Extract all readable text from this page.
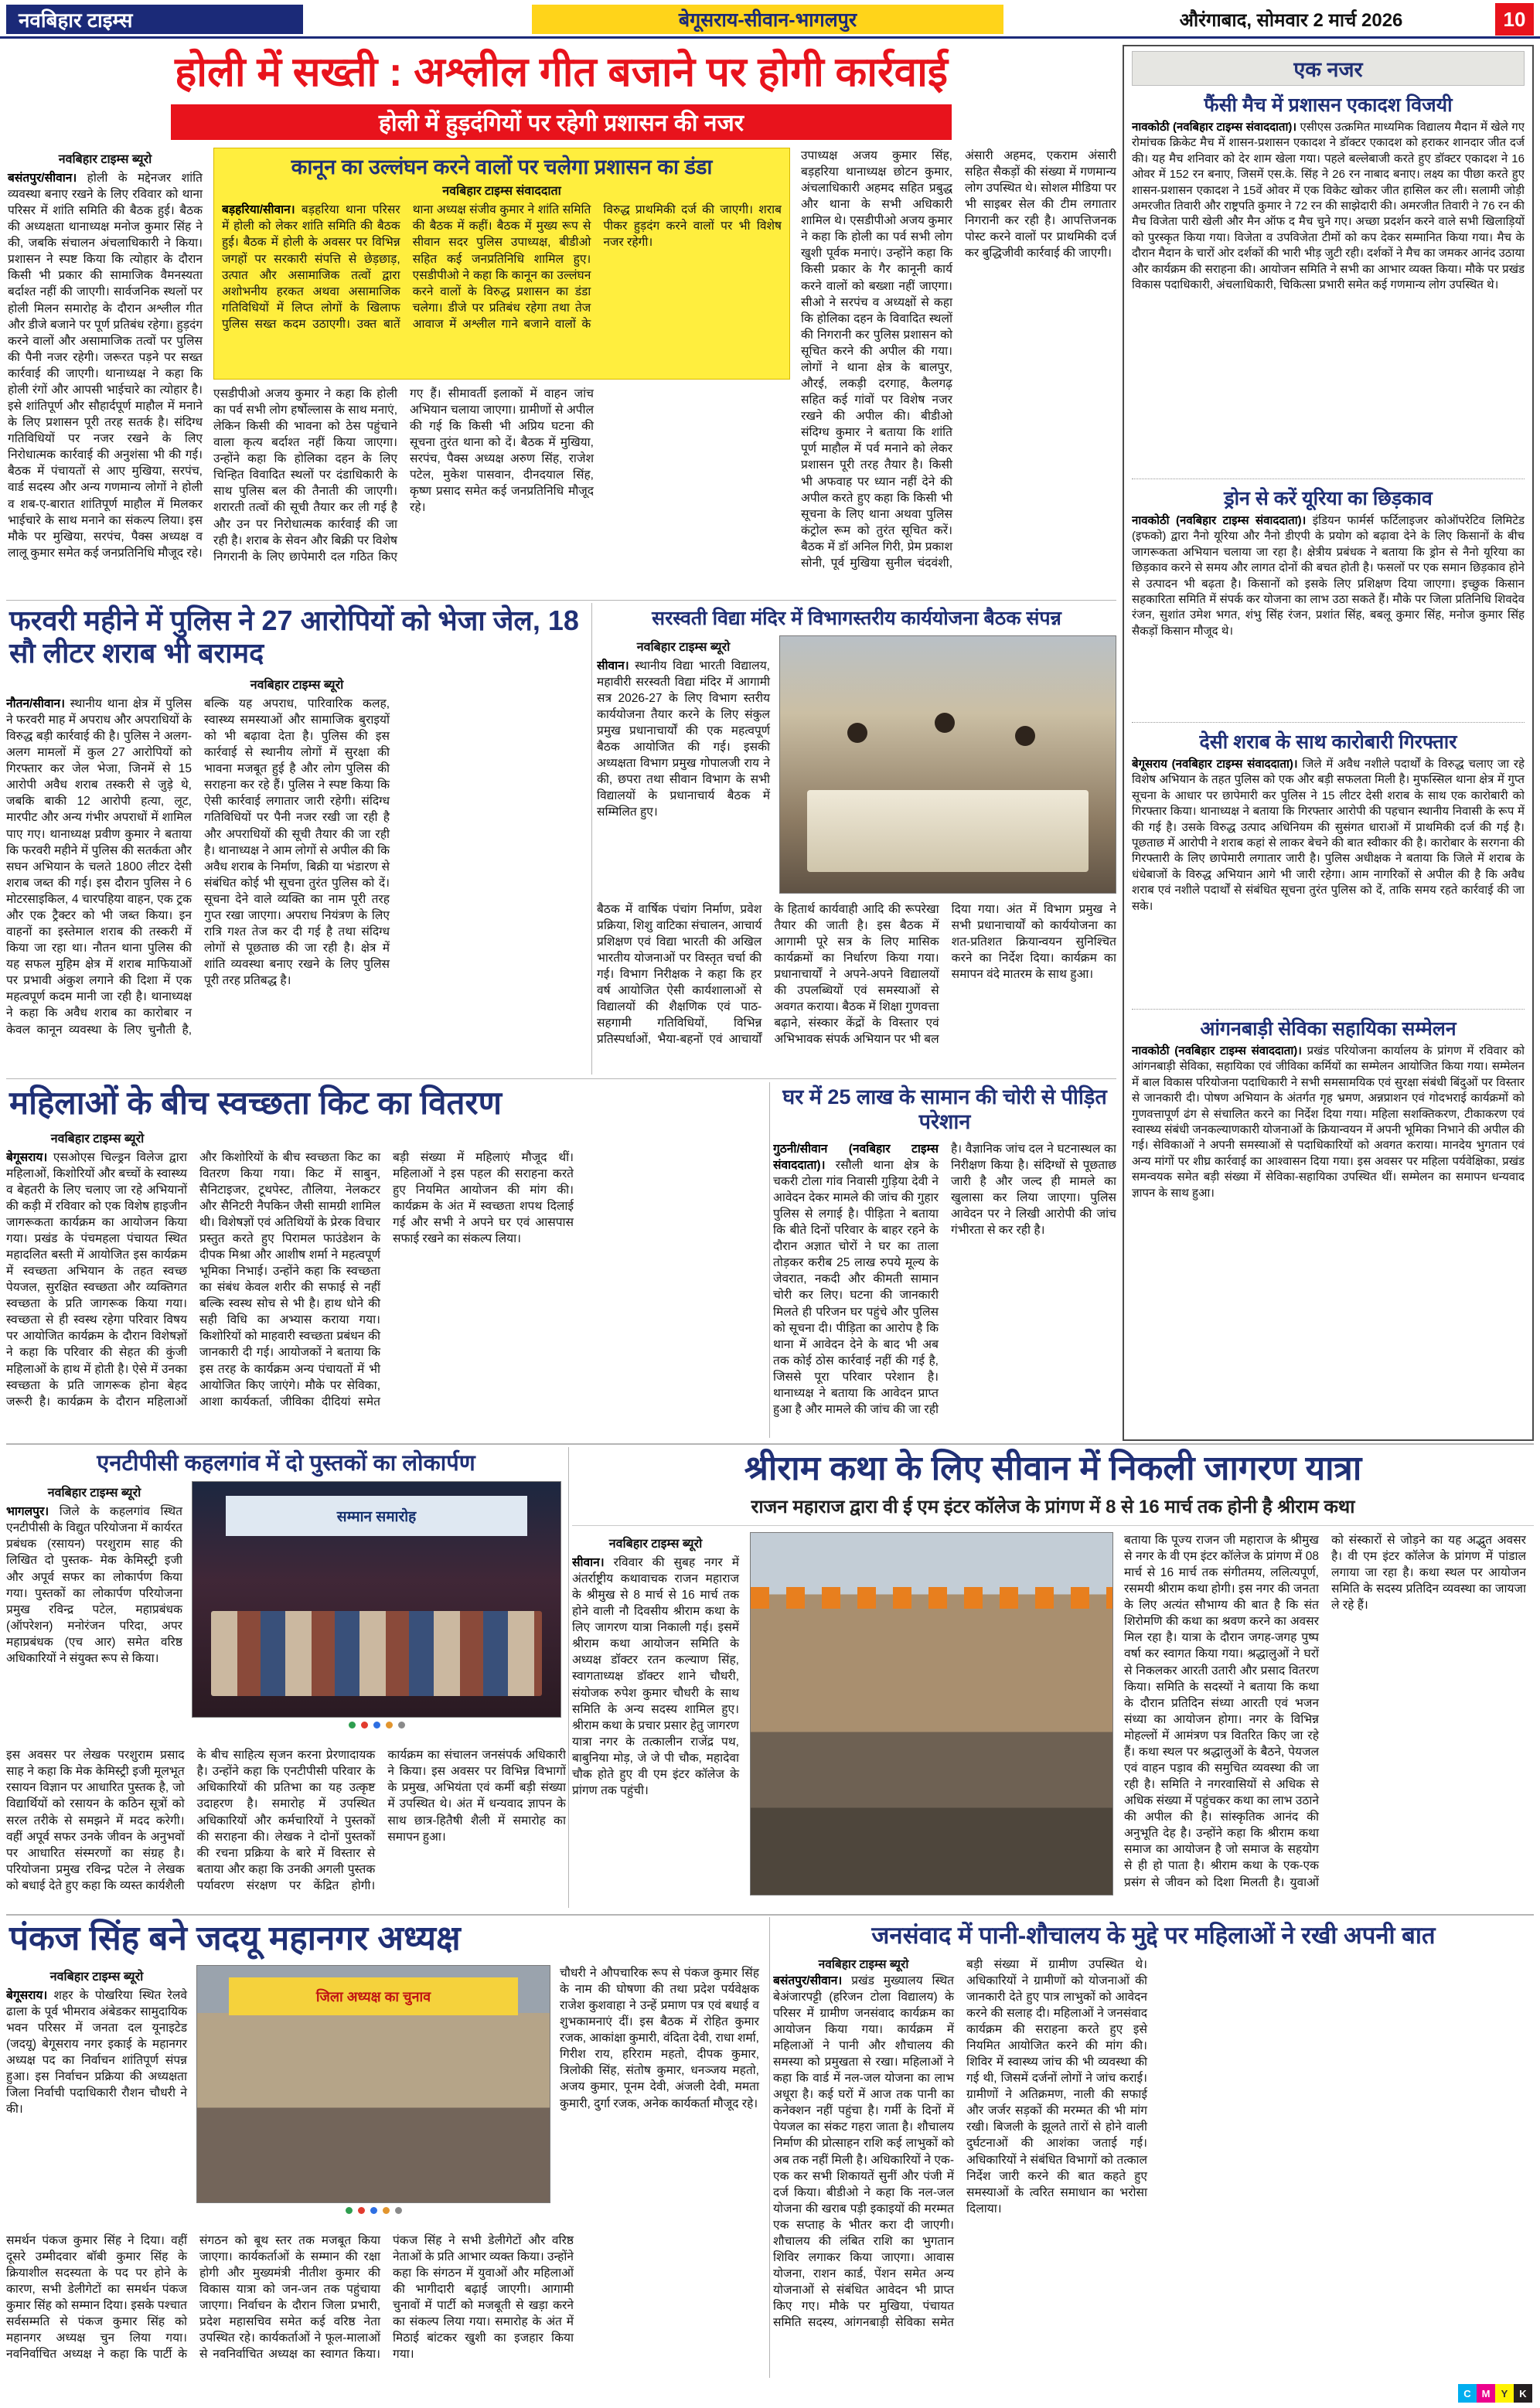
नवबिहार टाइम्स	बेगूसराय-सीवान-भागलपुर	औरंगाबाद, सोमवार 2 मार्च 2026	10
होली में सख्ती : अश्लील गीत बजाने पर होगी कार्रवाई
होली में हुड़दंगियों पर रहेगी प्रशासन की नजर
नवबिहार टाइम्स ब्यूरो

बसंतपुर/सीवान। होली के मद्देनजर शांति व्यवस्था बनाए रखने के लिए रविवार को थाना परिसर में शांति समिति की बैठक हुई। बैठक की अध्यक्षता थानाध्यक्ष मनोज कुमार सिंह ने की, जबकि संचालन अंचलाधिकारी ने किया। प्रशासन ने स्पष्ट किया कि त्योहार के दौरान किसी भी प्रकार की सामाजिक वैमनस्यता बर्दाश्त नहीं की जाएगी। सार्वजनिक स्थलों पर होली मिलन समारोह के दौरान अश्लील गीत और डीजे बजाने पर पूर्ण प्रतिबंध रहेगा। हुड़दंग करने वालों और असामाजिक तत्वों पर पुलिस की पैनी नजर रहेगी। जरूरत पड़ने पर सख्त कार्रवाई की जाएगी। थानाध्यक्ष ने कहा कि होली रंगों और आपसी भाईचारे का त्योहार है। इसे शांतिपूर्ण और सौहार्दपूर्ण माहौल में मनाने के लिए प्रशासन पूरी तरह सतर्क है। संदिग्ध गतिविधियों पर नजर रखने के लिए निरोधात्मक कार्रवाई की अनुशंसा भी की गई। बैठक में पंचायतों से आए मुखिया, सरपंच, वार्ड सदस्य और अन्य गणमान्य लोगों ने होली व शब-ए-बारात शांतिपूर्ण माहौल में मिलकर भाईचारे के साथ मनाने का संकल्प लिया। इस मौके पर मुखिया, सरपंच, पैक्स अध्यक्ष व लालू कुमार समेत कई जनप्रतिनिधि मौजूद रहे।

कानून का उल्लंघन करने वालों पर चलेगा प्रशासन का डंडा
नवबिहार टाइम्स संवाददाता

बड़हरिया/सीवान। बड़हरिया थाना परिसर में होली को लेकर शांति समिति की बैठक हुई। बैठक में होली के अवसर पर विभिन्न जगहों पर सरकारी संपत्ति से छेड़छाड़, उत्पात और असामाजिक तत्वों द्वारा अशोभनीय हरकत अथवा असामाजिक गतिविधियों में लिप्त लोगों के खिलाफ पुलिस सख्त कदम उठाएगी। उक्त बातें थाना अध्यक्ष संजीव कुमार ने शांति समिति की बैठक में कहीं। बैठक में मुख्य रूप से सीवान सदर पुलिस उपाध्यक्ष, बीडीओ सहित कई जनप्रतिनिधि शामिल हुए। एसडीपीओ ने कहा कि कानून का उल्लंघन करने वालों के विरुद्ध प्रशासन का डंडा चलेगा। डीजे पर प्रतिबंध रहेगा तथा तेज आवाज में अश्लील गाने बजाने वालों के विरुद्ध प्राथमिकी दर्ज की जाएगी। शराब पीकर हुड़दंग करने वालों पर भी विशेष नजर रहेगी।

एसडीपीओ अजय कुमार ने कहा कि होली का पर्व सभी लोग हर्षोल्लास के साथ मनाएं, लेकिन किसी की भावना को ठेस पहुंचाने वाला कृत्य बर्दाश्त नहीं किया जाएगा। उन्होंने कहा कि होलिका दहन के लिए चिन्हित विवादित स्थलों पर दंडाधिकारी के साथ पुलिस बल की तैनाती की जाएगी। शरारती तत्वों की सूची तैयार कर ली गई है और उन पर निरोधात्मक कार्रवाई की जा रही है। शराब के सेवन और बिक्री पर विशेष निगरानी के लिए छापेमारी दल गठित किए गए हैं। सीमावर्ती इलाकों में वाहन जांच अभियान चलाया जाएगा। ग्रामीणों से अपील की गई कि किसी भी अप्रिय घटना की सूचना तुरंत थाना को दें। बैठक में मुखिया, सरपंच, पैक्स अध्यक्ष अरुण सिंह, राजेश पटेल, मुकेश पासवान, दीनदयाल सिंह, कृष्ण प्रसाद समेत कई जनप्रतिनिधि मौजूद रहे।

उपाध्यक्ष अजय कुमार सिंह, बड़हरिया थानाध्यक्ष छोटन कुमार, अंचलाधिकारी अहमद सहित प्रबुद्ध और थाना के सभी अधिकारी शामिल थे। एसडीपीओ अजय कुमार ने कहा कि होली का पर्व सभी लोग खुशी पूर्वक मनाएं। उन्होंने कहा कि किसी प्रकार के गैर कानूनी कार्य करने वालों को बख्शा नहीं जाएगा। सीओ ने सरपंच व अध्यक्षों से कहा कि होलिका दहन के विवादित स्थलों की निगरानी कर पुलिस प्रशासन को सूचित करने की अपील की गया। लोगों ने थाना क्षेत्र के बालपुर, औरई, लकड़ी दरगाह, कैलगढ़ सहित कई गांवों पर विशेष नजर रखने की अपील की। बीडीओ संदिग्ध कुमार ने बताया कि शांति पूर्ण माहौल में पर्व मनाने को लेकर प्रशासन पूरी तरह तैयार है। किसी भी अफवाह पर ध्यान नहीं देने की अपील करते हुए कहा कि किसी भी सूचना के लिए थाना अथवा पुलिस कंट्रोल रूम को तुरंत सूचित करें। बैठक में डॉ अनिल गिरी, प्रेम प्रकाश सोनी, पूर्व मुखिया सुनील चंदवंशी, अंसारी अहमद, एकराम अंसारी सहित सैकड़ों की संख्या में गणमान्य लोग उपस्थित थे। सोशल मीडिया पर भी साइबर सेल की टीम लगातार निगरानी कर रही है। आपत्तिजनक पोस्ट करने वालों पर प्राथमिकी दर्ज कर बुद्धिजीवी कार्रवाई की जाएगी।

एक नजर
फैंसी मैच में प्रशासन एकादश विजयी

नावकोठी (नवबिहार टाइम्स संवाददाता)। एसीएस उत्क्रमित माध्यमिक विद्यालय मैदान में खेले गए रोमांचक क्रिकेट मैच में शासन-प्रशासन एकादश ने डॉक्टर एकादश को हराकर शानदार जीत दर्ज की। यह मैच शनिवार को देर शाम खेला गया। पहले बल्लेबाजी करते हुए डॉक्टर एकादश ने 16 ओवर में 152 रन बनाए, जिसमें एस.के. सिंह ने 26 रन नाबाद बनाए। लक्ष्य का पीछा करते हुए शासन-प्रशासन एकादश ने 15वें ओवर में एक विकेट खोकर जीत हासिल कर ली। सलामी जोड़ी अमरजीत तिवारी और राष्ट्रपति कुमार ने 72 रन की साझेदारी की। अमरजीत तिवारी ने 76 रन की मैच विजेता पारी खेली और मैन ऑफ द मैच चुने गए। अच्छा प्रदर्शन करने वाले सभी खिलाड़ियों को पुरस्कृत किया गया। विजेता व उपविजेता टीमों को कप देकर सम्मानित किया गया। मैच के दौरान मैदान के चारों ओर दर्शकों की भारी भीड़ जुटी रही। दर्शकों ने मैच का जमकर आनंद उठाया और कार्यक्रम की सराहना की। आयोजन समिति ने सभी का आभार व्यक्त किया। मौके पर प्रखंड विकास पदाधिकारी, अंचलाधिकारी, चिकित्सा प्रभारी समेत कई गणमान्य लोग उपस्थित थे।

ड्रोन से करें यूरिया का छिड़काव

नावकोठी (नवबिहार टाइम्स संवाददाता)। इंडियन फार्मर्स फर्टिलाइजर कोऑपरेटिव लिमिटेड (इफको) द्वारा नैनो यूरिया और नैनो डीएपी के प्रयोग को बढ़ावा देने के लिए किसानों के बीच जागरूकता अभियान चलाया जा रहा है। क्षेत्रीय प्रबंधक ने बताया कि ड्रोन से नैनो यूरिया का छिड़काव करने से समय और लागत दोनों की बचत होती है। फसलों पर एक समान छिड़काव होने से उत्पादन भी बढ़ता है। किसानों को इसके लिए प्रशिक्षण दिया जाएगा। इच्छुक किसान सहकारिता समिति में संपर्क कर योजना का लाभ उठा सकते हैं। मौके पर जिला प्रतिनिधि शिवदेव रंजन, सुशांत उमेश भगत, शंभु सिंह रंजन, प्रशांत सिंह, बबलू कुमार सिंह, मनोज कुमार सिंह सैकड़ों किसान मौजूद थे।

देसी शराब के साथ कारोबारी गिरफ्तार

बेगूसराय (नवबिहार टाइम्स संवाददाता)। जिले में अवैध नशीले पदार्थों के विरुद्ध चलाए जा रहे विशेष अभियान के तहत पुलिस को एक और बड़ी सफलता मिली है। मुफस्सिल थाना क्षेत्र में गुप्त सूचना के आधार पर छापेमारी कर पुलिस ने 15 लीटर देसी शराब के साथ एक कारोबारी को गिरफ्तार किया। थानाध्यक्ष ने बताया कि गिरफ्तार आरोपी की पहचान स्थानीय निवासी के रूप में की गई है। उसके विरुद्ध उत्पाद अधिनियम की सुसंगत धाराओं में प्राथमिकी दर्ज की गई है। पूछताछ में आरोपी ने शराब कहां से लाकर बेचने की बात स्वीकार की है। कारोबार के सरगना की गिरफ्तारी के लिए छापेमारी लगातार जारी है। पुलिस अधीक्षक ने बताया कि जिले में शराब के धंधेबाजों के विरुद्ध अभियान आगे भी जारी रहेगा। आम नागरिकों से अपील की है कि अवैध शराब एवं नशीले पदार्थों से संबंधित सूचना तुरंत पुलिस को दें, ताकि समय रहते कार्रवाई की जा सके।

आंगनबाड़ी सेविका सहायिका सम्मेलन

नावकोठी (नवबिहार टाइम्स संवाददाता)। प्रखंड परियोजना कार्यालय के प्रांगण में रविवार को आंगनबाड़ी सेविका, सहायिका एवं जीविका कर्मियों का सम्मेलन आयोजित किया गया। सम्मेलन में बाल विकास परियोजना पदाधिकारी ने सभी समसामयिक एवं सुरक्षा संबंधी बिंदुओं पर विस्तार से जानकारी दी। पोषण अभियान के अंतर्गत गृह भ्रमण, अन्नप्राशन एवं गोदभराई कार्यक्रमों को गुणवत्तापूर्ण ढंग से संचालित करने का निर्देश दिया गया। महिला सशक्तिकरण, टीकाकरण एवं स्वास्थ्य संबंधी जनकल्याणकारी योजनाओं के क्रियान्वयन में अपनी भूमिका निभाने की अपील की गई। सेविकाओं ने अपनी समस्याओं से पदाधिकारियों को अवगत कराया। मानदेय भुगतान एवं अन्य मांगों पर शीघ्र कार्रवाई का आश्वासन दिया गया। इस अवसर पर महिला पर्यवेक्षिका, प्रखंड समन्वयक समेत बड़ी संख्या में सेविका-सहायिका उपस्थित थीं। सम्मेलन का समापन धन्यवाद ज्ञापन के साथ हुआ।

फरवरी महीने में पुलिस ने 27 आरोपियों को भेजा जेल, 18 सौ लीटर शराब भी बरामद
नवबिहार टाइम्स ब्यूरो

नौतन/सीवान। स्थानीय थाना क्षेत्र में पुलिस ने फरवरी माह में अपराध और अपराधियों के विरुद्ध बड़ी कार्रवाई की है। पुलिस ने अलग-अलग मामलों में कुल 27 आरोपियों को गिरफ्तार कर जेल भेजा, जिनमें से 15 आरोपी अवैध शराब तस्करी से जुड़े थे, जबकि बाकी 12 आरोपी हत्या, लूट, मारपीट और अन्य गंभीर अपराधों में शामिल पाए गए। थानाध्यक्ष प्रवीण कुमार ने बताया कि फरवरी महीने में पुलिस की सतर्कता और सघन अभियान के चलते 1800 लीटर देसी शराब जब्त की गई। इस दौरान पुलिस ने 6 मोटरसाइकिल, 4 चारपहिया वाहन, एक ट्रक और एक ट्रैक्टर को भी जब्त किया। इन वाहनों का इस्तेमाल शराब की तस्करी में किया जा रहा था। नौतन थाना पुलिस की यह सफल मुहिम क्षेत्र में शराब माफियाओं पर प्रभावी अंकुश लगाने की दिशा में एक महत्वपूर्ण कदम मानी जा रही है। थानाध्यक्ष ने कहा कि अवैध शराब का कारोबार न केवल कानून व्यवस्था के लिए चुनौती है, बल्कि यह अपराध, पारिवारिक कलह, स्वास्थ्य समस्याओं और सामाजिक बुराइयों को भी बढ़ावा देता है। पुलिस की इस कार्रवाई से स्थानीय लोगों में सुरक्षा की भावना मजबूत हुई है और लोग पुलिस की सराहना कर रहे हैं। पुलिस ने स्पष्ट किया कि ऐसी कार्रवाई लगातार जारी रहेगी। संदिग्ध गतिविधियों पर पैनी नजर रखी जा रही है और अपराधियों की सूची तैयार की जा रही है। थानाध्यक्ष ने आम लोगों से अपील की कि अवैध शराब के निर्माण, बिक्री या भंडारण से संबंधित कोई भी सूचना तुरंत पुलिस को दें। सूचना देने वाले व्यक्ति का नाम पूरी तरह गुप्त रखा जाएगा। अपराध नियंत्रण के लिए रात्रि गश्त तेज कर दी गई है तथा संदिग्ध लोगों से पूछताछ की जा रही है। क्षेत्र में शांति व्यवस्था बनाए रखने के लिए पुलिस पूरी तरह प्रतिबद्ध है।

सरस्वती विद्या मंदिर में विभागस्तरीय कार्ययोजना बैठक संपन्न
नवबिहार टाइम्स ब्यूरो

सीवान। स्थानीय विद्या भारती विद्यालय, महावीरी सरस्वती विद्या मंदिर में आगामी सत्र 2026-27 के लिए विभाग स्तरीय कार्ययोजना तैयार करने के लिए संकुल प्रमुख प्रधानाचार्यों की एक महत्वपूर्ण बैठक आयोजित की गई। इसकी अध्यक्षता विभाग प्रमुख गोपालजी राय ने की, छपरा तथा सीवान विभाग के सभी विद्यालयों के प्रधानाचार्य बैठक में सम्मिलित हुए।

बैठक में वार्षिक पंचांग निर्माण, प्रवेश प्रक्रिया, शिशु वाटिका संचालन, आचार्य प्रशिक्षण एवं विद्या भारती की अखिल भारतीय योजनाओं पर विस्तृत चर्चा की गई। विभाग निरीक्षक ने कहा कि हर वर्ष आयोजित ऐसी कार्यशालाओं से विद्यालयों की शैक्षणिक एवं पाठ-सहगामी गतिविधियों, विभिन्न प्रतिस्पर्धाओं, भैया-बहनों एवं आचार्यों के हितार्थ कार्यवाही आदि की रूपरेखा तैयार की जाती है। इस बैठक में आगामी पूरे सत्र के लिए मासिक कार्यक्रमों का निर्धारण किया गया। प्रधानाचार्यों ने अपने-अपने विद्यालयों की उपलब्धियों एवं समस्याओं से अवगत कराया। बैठक में शिक्षा गुणवत्ता बढ़ाने, संस्कार केंद्रों के विस्तार एवं अभिभावक संपर्क अभियान पर भी बल दिया गया। अंत में विभाग प्रमुख ने सभी प्रधानाचार्यों को कार्ययोजना का शत-प्रतिशत क्रियान्वयन सुनिश्चित करने का निर्देश दिया। कार्यक्रम का समापन वंदे मातरम के साथ हुआ।

महिलाओं के बीच स्वच्छता किट का वितरण
नवबिहार टाइम्स ब्यूरो

बेगूसराय। एसओएस चिल्ड्रन विलेज द्वारा महिलाओं, किशोरियों और बच्चों के स्वास्थ्य व बेहतरी के लिए चलाए जा रहे अभियानों की कड़ी में रविवार को एक विशेष हाइजीन जागरूकता कार्यक्रम का आयोजन किया गया। प्रखंड के पंचमहला पंचायत स्थित महादलित बस्ती में आयोजित इस कार्यक्रम में स्वच्छता अभियान के तहत स्वच्छ पेयजल, सुरक्षित स्वच्छता और व्यक्तिगत स्वच्छता के प्रति जागरूक किया गया। स्वच्छता से ही स्वस्थ रहेगा परिवार विषय पर आयोजित कार्यक्रम के दौरान विशेषज्ञों ने कहा कि परिवार की सेहत की कुंजी महिलाओं के हाथ में होती है। ऐसे में उनका स्वच्छता के प्रति जागरूक होना बेहद जरूरी है। कार्यक्रम के दौरान महिलाओं और किशोरियों के बीच स्वच्छता किट का वितरण किया गया। किट में साबुन, सैनिटाइजर, टूथपेस्ट, तौलिया, नेलकटर और सैनिटरी नैपकिन जैसी सामग्री शामिल थी। विशेषज्ञों एवं अतिथियों के प्रेरक विचार प्रस्तुत करते हुए पिरामल फाउंडेशन के दीपक मिश्रा और आशीष शर्मा ने महत्वपूर्ण भूमिका निभाई। उन्होंने कहा कि स्वच्छता का संबंध केवल शरीर की सफाई से नहीं बल्कि स्वस्थ सोच से भी है। हाथ धोने की सही विधि का अभ्यास कराया गया। किशोरियों को माहवारी स्वच्छता प्रबंधन की जानकारी दी गई। आयोजकों ने बताया कि इस तरह के कार्यक्रम अन्य पंचायतों में भी आयोजित किए जाएंगे। मौके पर सेविका, आशा कार्यकर्ता, जीविका दीदियां समेत बड़ी संख्या में महिलाएं मौजूद थीं। महिलाओं ने इस पहल की सराहना करते हुए नियमित आयोजन की मांग की। कार्यक्रम के अंत में स्वच्छता शपथ दिलाई गई और सभी ने अपने घर एवं आसपास सफाई रखने का संकल्प लिया।

घर में 25 लाख के सामान की चोरी से पीड़ित परेशान

गुठनी/सीवान (नवबिहार टाइम्स संवाददाता)। रसौली थाना क्षेत्र के चकरी टोला गांव निवासी गुड़िया देवी ने आवेदन देकर मामले की जांच की गुहार पुलिस से लगाई है। पीड़िता ने बताया कि बीते दिनों परिवार के बाहर रहने के दौरान अज्ञात चोरों ने घर का ताला तोड़कर करीब 25 लाख रुपये मूल्य के जेवरात, नकदी और कीमती सामान चोरी कर लिए। घटना की जानकारी मिलते ही परिजन घर पहुंचे और पुलिस को सूचना दी। पीड़िता का आरोप है कि थाना में आवेदन देने के बाद भी अब तक कोई ठोस कार्रवाई नहीं की गई है, जिससे पूरा परिवार परेशान है। थानाध्यक्ष ने बताया कि आवेदन प्राप्त हुआ है और मामले की जांच की जा रही है। वैज्ञानिक जांच दल ने घटनास्थल का निरीक्षण किया है। संदिग्धों से पूछताछ जारी है और जल्द ही मामले का खुलासा कर लिया जाएगा। पुलिस आवेदन पर ने लिखी आरोपी की जांच गंभीरता से कर रही है।

एनटीपीसी कहलगांव में दो पुस्तकों का लोकार्पण
नवबिहार टाइम्स ब्यूरो

भागलपुर। जिले के कहलगांव स्थित एनटीपीसी के विद्युत परियोजना में कार्यरत प्रबंधक (रसायन) परशुराम साह की लिखित दो पुस्तक- मेक केमिस्ट्री इजी और अपूर्व सफर का लोकार्पण किया गया। पुस्तकों का लोकार्पण परियोजना प्रमुख रविन्द्र पटेल, महाप्रबंधक (ऑपरेशन) मनोरंजन परिदा, अपर महाप्रबंधक (एच आर) समेत वरिष्ठ अधिकारियों ने संयुक्त रूप से किया।

सम्मान समारोह

इस अवसर पर लेखक परशुराम प्रसाद साह ने कहा कि मेक केमिस्ट्री इजी मूलभूत रसायन विज्ञान पर आधारित पुस्तक है, जो विद्यार्थियों को रसायन के कठिन सूत्रों को सरल तरीके से समझने में मदद करेगी। वहीं अपूर्व सफर उनके जीवन के अनुभवों पर आधारित संस्मरणों का संग्रह है। परियोजना प्रमुख रविन्द्र पटेल ने लेखक को बधाई देते हुए कहा कि व्यस्त कार्यशैली के बीच साहित्य सृजन करना प्रेरणादायक है। उन्होंने कहा कि एनटीपीसी परिवार के अधिकारियों की प्रतिभा का यह उत्कृष्ट उदाहरण है। समारोह में उपस्थित अधिकारियों और कर्मचारियों ने पुस्तकों की सराहना की। लेखक ने दोनों पुस्तकों की रचना प्रक्रिया के बारे में विस्तार से बताया और कहा कि उनकी अगली पुस्तक पर्यावरण संरक्षण पर केंद्रित होगी। कार्यक्रम का संचालन जनसंपर्क अधिकारी ने किया। इस अवसर पर विभिन्न विभागों के प्रमुख, अभियंता एवं कर्मी बड़ी संख्या में उपस्थित थे। अंत में धन्यवाद ज्ञापन के साथ छात्र-हितैषी शैली में समारोह का समापन हुआ।

श्रीराम कथा के लिए सीवान में निकली जागरण यात्रा
राजन महाराज द्वारा वी ई एम इंटर कॉलेज के प्रांगण में 8 से 16 मार्च तक होनी है श्रीराम कथा
नवबिहार टाइम्स ब्यूरो

सीवान। रविवार की सुबह नगर में अंतर्राष्ट्रीय कथावाचक राजन महाराज के श्रीमुख से 8 मार्च से 16 मार्च तक होने वाली नौ दिवसीय श्रीराम कथा के लिए जागरण यात्रा निकाली गई। इसमें श्रीराम कथा आयोजन समिति के अध्यक्ष डॉक्टर रतन कल्याण सिंह, स्वागताध्यक्ष डॉक्टर शाने चौधरी, संयोजक रुपेश कुमार चौधरी के साथ समिति के अन्य सदस्य शामिल हुए। श्रीराम कथा के प्रचार प्रसार हेतु जागरण यात्रा नगर के तत्कालीन राजेंद्र पथ, बाबुनिया मोड़, जे जे पी चौक, महादेवा चौक होते हुए वी एम इंटर कॉलेज के प्रांगण तक पहुंची।

बताया कि पूज्य राजन जी महाराज के श्रीमुख से नगर के वी एम इंटर कॉलेज के प्रांगण में 08 मार्च से 16 मार्च तक संगीतमय, ललित्यपूर्ण, रसमयी श्रीराम कथा होगी। इस नगर की जनता के लिए अत्यंत सौभाग्य की बात है कि संत शिरोमणि की कथा का श्रवण करने का अवसर मिल रहा है। यात्रा के दौरान जगह-जगह पुष्प वर्षा कर स्वागत किया गया। श्रद्धालुओं ने घरों से निकलकर आरती उतारी और प्रसाद वितरण किया। समिति के सदस्यों ने बताया कि कथा के दौरान प्रतिदिन संध्या आरती एवं भजन संध्या का आयोजन होगा। नगर के विभिन्न मोहल्लों में आमंत्रण पत्र वितरित किए जा रहे हैं। कथा स्थल पर श्रद्धालुओं के बैठने, पेयजल एवं वाहन पड़ाव की समुचित व्यवस्था की जा रही है। समिति ने नगरवासियों से अधिक से अधिक संख्या में पहुंचकर कथा का लाभ उठाने की अपील की है। सांस्कृतिक आनंद की अनुभूति देह है। उन्होंने कहा कि श्रीराम कथा समाज का आयोजन है जो समाज के सहयोग से ही हो पाता है। श्रीराम कथा के एक-एक प्रसंग से जीवन को दिशा मिलती है। युवाओं को संस्कारों से जोड़ने का यह अद्भुत अवसर है। वी एम इंटर कॉलेज के प्रांगण में पांडाल लगाया जा रहा है। कथा स्थल पर आयोजन समिति के सदस्य प्रतिदिन व्यवस्था का जायजा ले रहे हैं।

पंकज सिंह बने जदयू महानगर अध्यक्ष
नवबिहार टाइम्स ब्यूरो

बेगूसराय। शहर के पोखरिया स्थित रेलवे ढाला के पूर्व भीमराव अंबेडकर सामुदायिक भवन परिसर में जनता दल यूनाइटेड (जदयू) बेगूसराय नगर इकाई के महानगर अध्यक्ष पद का निर्वाचन शांतिपूर्ण संपन्न हुआ। इस निर्वाचन प्रक्रिया की अध्यक्षता जिला निर्वाची पदाधिकारी रौशन चौधरी ने की।

जिला अध्यक्ष का चुनाव

चौधरी ने औपचारिक रूप से पंकज कुमार सिंह के नाम की घोषणा की तथा प्रदेश पर्यवेक्षक राजेश कुशवाहा ने उन्हें प्रमाण पत्र एवं बधाई व शुभकामनाएं दीं। इस बैठक में रोहित कुमार रजक, आकांक्षा कुमारी, वंदिता देवी, राधा शर्मा, गिरीश राय, हरिराम महतो, दीपक कुमार, त्रिलोकी सिंह, संतोष कुमार, धनञ्जय महतो, अजय कुमार, पूनम देवी, अंजली देवी, ममता कुमारी, दुर्गा रजक, अनेक कार्यकर्ता मौजूद रहे।

समर्थन पंकज कुमार सिंह ने दिया। वहीं दूसरे उम्मीदवार बॉबी कुमार सिंह के क्रियाशील सदस्यता के पद पर होने के कारण, सभी डेलीगेटों का समर्थन पंकज कुमार सिंह को सम्मान दिया। इसके पश्चात सर्वसम्मति से पंकज कुमार सिंह को महानगर अध्यक्ष चुन लिया गया। नवनिर्वाचित अध्यक्ष ने कहा कि पार्टी के संगठन को बूथ स्तर तक मजबूत किया जाएगा। कार्यकर्ताओं के सम्मान की रक्षा होगी और मुख्यमंत्री नीतीश कुमार की विकास यात्रा को जन-जन तक पहुंचाया जाएगा। निर्वाचन के दौरान जिला प्रभारी, प्रदेश महासचिव समेत कई वरिष्ठ नेता उपस्थित रहे। कार्यकर्ताओं ने फूल-मालाओं से नवनिर्वाचित अध्यक्ष का स्वागत किया। पंकज सिंह ने सभी डेलीगेटों और वरिष्ठ नेताओं के प्रति आभार व्यक्त किया। उन्होंने कहा कि संगठन में युवाओं और महिलाओं की भागीदारी बढ़ाई जाएगी। आगामी चुनावों में पार्टी को मजबूती से खड़ा करने का संकल्प लिया गया। समारोह के अंत में मिठाई बांटकर खुशी का इजहार किया गया।

जनसंवाद में पानी-शौचालय के मुद्दे पर महिलाओं ने रखी अपनी बात

नवबिहार टाइम्स ब्यूरो
बसंतपुर/सीवान। प्रखंड मुख्यालय स्थित बेअंजारपट्टी (हरिजन टोला विद्यालय) के परिसर में ग्रामीण जनसंवाद कार्यक्रम का आयोजन किया गया। कार्यक्रम में महिलाओं ने पानी और शौचालय की समस्या को प्रमुखता से रखा। महिलाओं ने कहा कि वार्ड में नल-जल योजना का लाभ अधूरा है। कई घरों में आज तक पानी का कनेक्शन नहीं पहुंचा है। गर्मी के दिनों में पेयजल का संकट गहरा जाता है। शौचालय निर्माण की प्रोत्साहन राशि कई लाभुकों को अब तक नहीं मिली है। अधिकारियों ने एक-एक कर सभी शिकायतें सुनीं और पंजी में दर्ज किया। बीडीओ ने कहा कि नल-जल योजना की खराब पड़ी इकाइयों की मरम्मत एक सप्ताह के भीतर करा दी जाएगी। शौचालय की लंबित राशि का भुगतान शिविर लगाकर किया जाएगा। आवास योजना, राशन कार्ड, पेंशन समेत अन्य योजनाओं से संबंधित आवेदन भी प्राप्त किए गए। मौके पर मुखिया, पंचायत समिति सदस्य, आंगनबाड़ी सेविका समेत बड़ी संख्या में ग्रामीण उपस्थित थे। अधिकारियों ने ग्रामीणों को योजनाओं की जानकारी देते हुए पात्र लाभुकों को आवेदन करने की सलाह दी। महिलाओं ने जनसंवाद कार्यक्रम की सराहना करते हुए इसे नियमित आयोजित करने की मांग की। शिविर में स्वास्थ्य जांच की भी व्यवस्था की गई थी, जिसमें दर्जनों लोगों ने जांच कराई। ग्रामीणों ने अतिक्रमण, नाली की सफाई और जर्जर सड़कों की मरम्मत की भी मांग रखी। बिजली के झूलते तारों से होने वाली दुर्घटनाओं की आशंका जताई गई। अधिकारियों ने संबंधित विभागों को तत्काल निर्देश जारी करने की बात कहते हुए समस्याओं के त्वरित समाधान का भरोसा दिलाया।

C	M	Y	K
